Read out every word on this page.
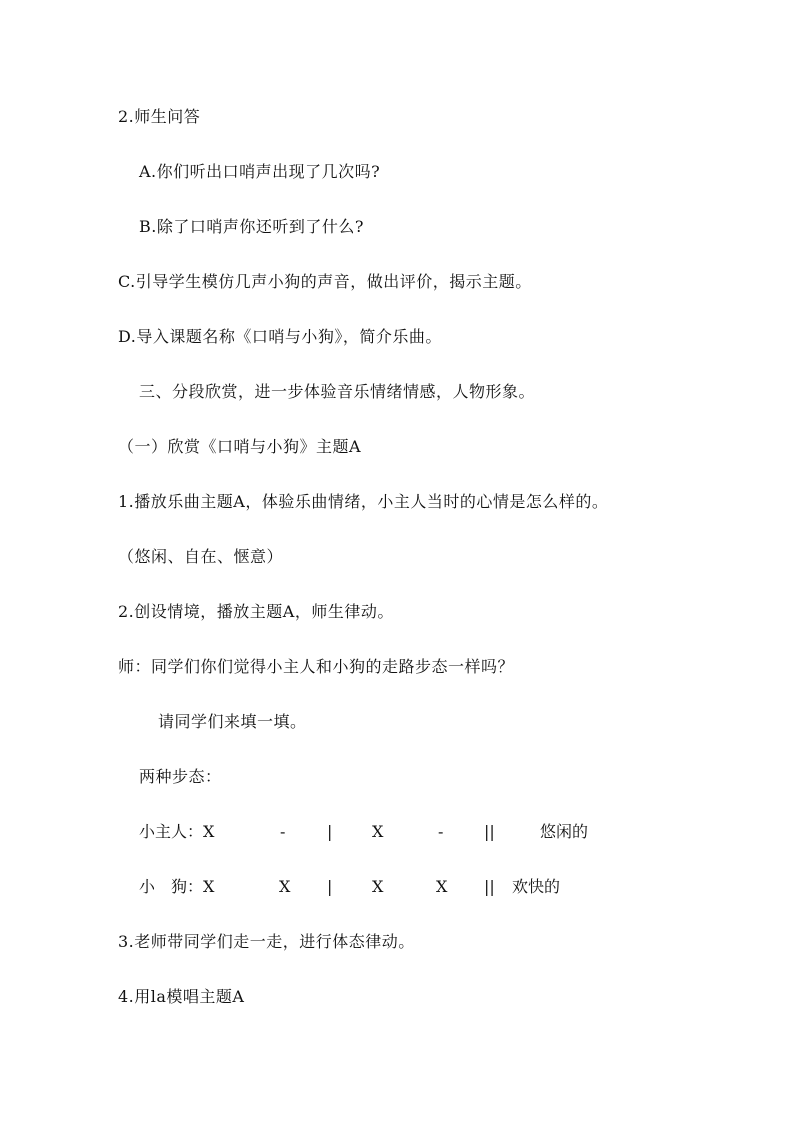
2.师生问答
A.你们听出口哨声出现了几次吗?
B.除了口哨声你还听到了什么?
C.引导学生模仿几声小狗的声音，做出评价，揭示主题。
D.导入课题名称《口哨与小狗》，简介乐曲。
三、分段欣赏，进一步体验音乐情绪情感，人物形象。
（一）欣赏《口哨与小狗》主题A
1.播放乐曲主题A，体验乐曲情绪，小主人当时的心情是怎么样的。
（悠闲、自在、惬意）
2.创设情境，播放主题A，师生律动。
师：同学们你们觉得小主人和小狗的走路步态一样吗？
请同学们来填一填。
两种步态：
小主人：X	-	| X	-	||	悠闲的
小　狗：X	X | X	X || 欢快的
3.老师带同学们走一走，进行体态律动。
4.用la模唱主题A
